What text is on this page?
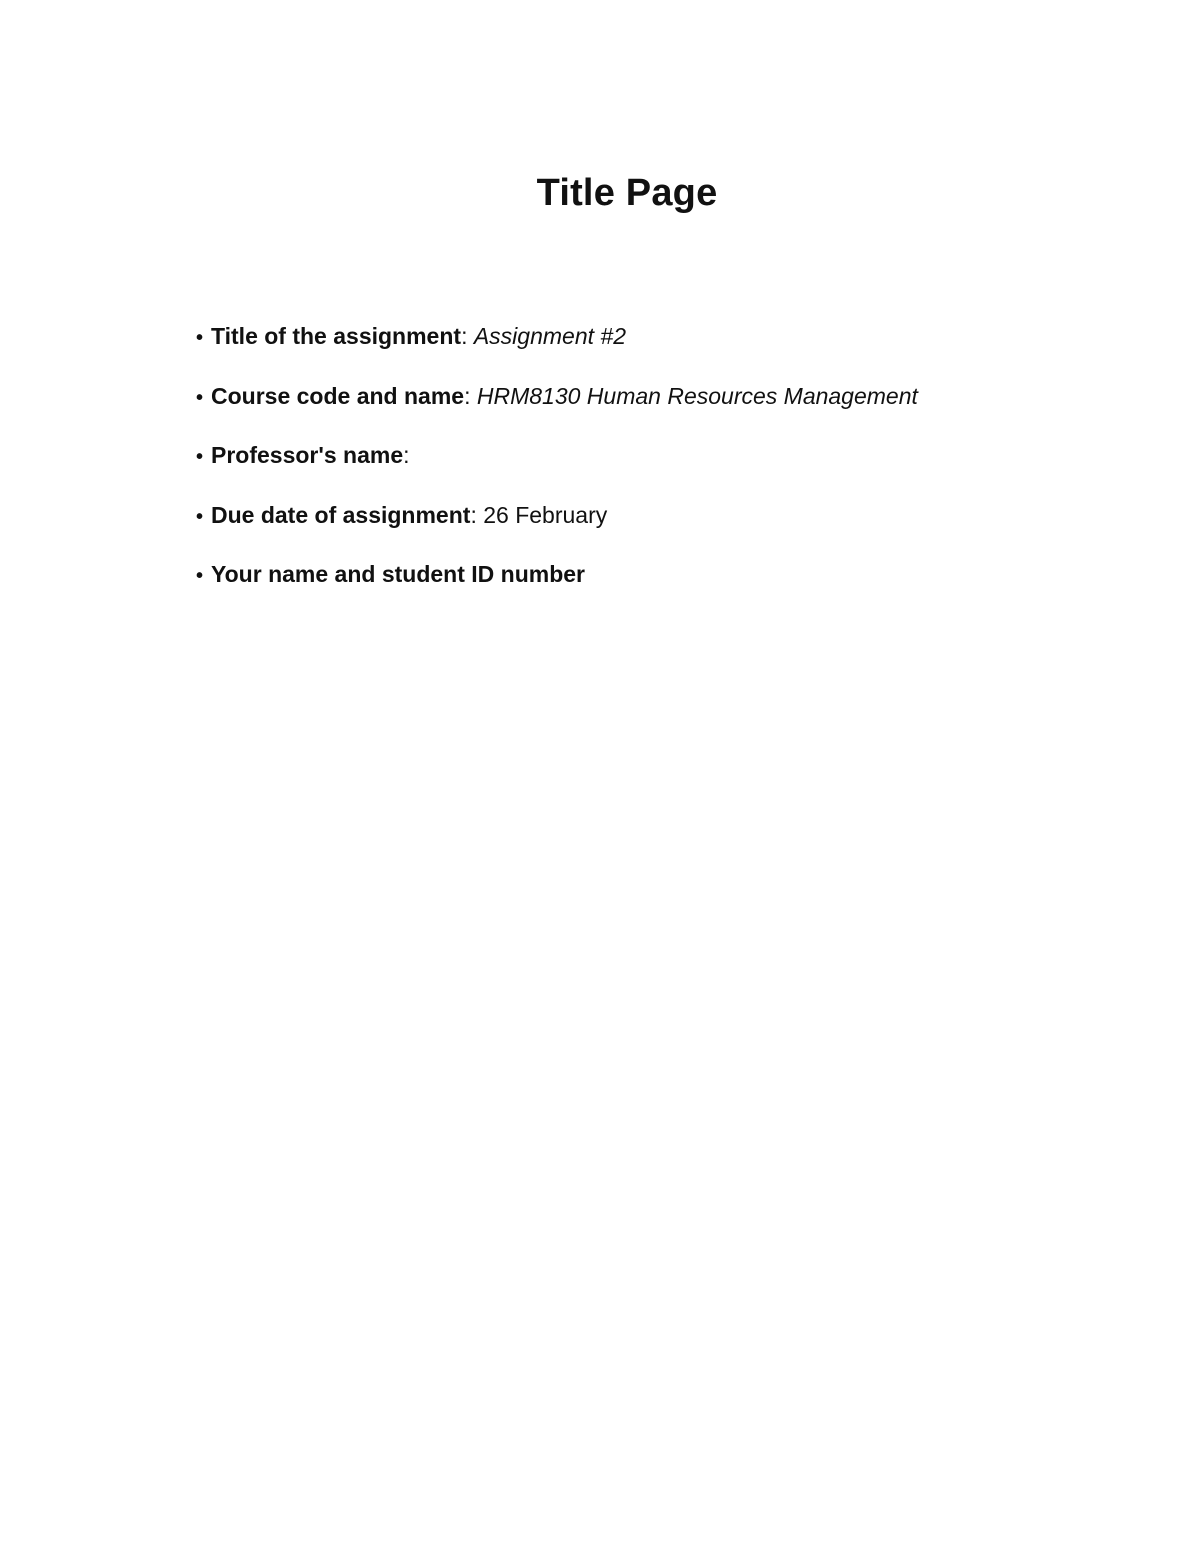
Title Page
• Title of the assignment: Assignment #2
• Course code and name: HRM8130 Human Resources Management
• Professor's name:
• Due date of assignment: 26 February
• Your name and student ID number
